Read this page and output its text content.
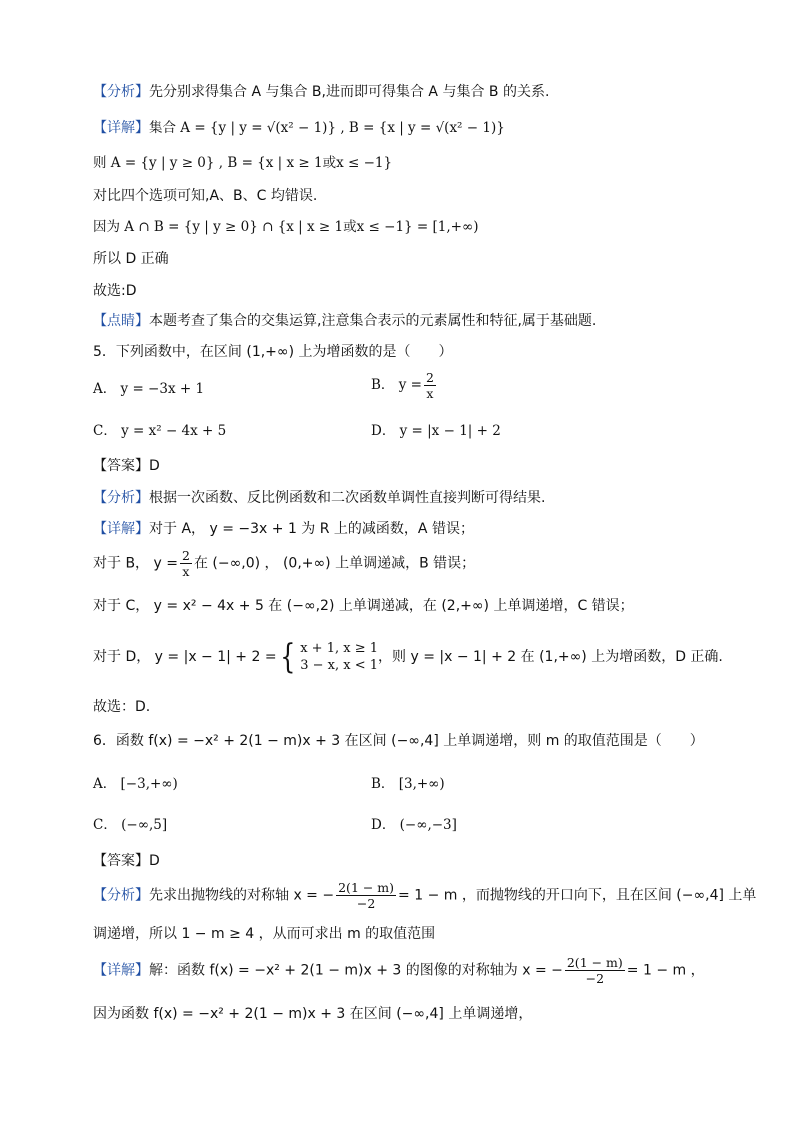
【分析】先分别求得集合 A 与集合 B,进而即可得集合 A 与集合 B 的关系.
【详解】集合 A = {y | y = √(x² − 1)} , B = {x | y = √(x² − 1)}
则 A = {y | y ≥ 0} , B = {x | x ≥ 1或x ≤ −1}
对比四个选项可知,A、B、C 均错误.
因为 A ∩ B = {y | y ≥ 0} ∩ {x | x ≥ 1或x ≤ −1} = [1,+∞)
所以 D 正确
故选:D
【点睛】本题考查了集合的交集运算,注意集合表示的元素属性和特征,属于基础题.
5．下列函数中，在区间 (1,+∞) 上为增函数的是（　　）
A． y = −3x + 1	B． $y = \frac{2}{x}$
C． y = x² − 4x + 5	D． y = |x − 1| + 2
【答案】D
【分析】根据一次函数、反比例函数和二次函数单调性直接判断可得结果.
【详解】对于 A， y = −3x + 1 为 R 上的减函数，A 错误；
对于 B， $y = \frac{2}{x}$ 在 (−∞,0) ， (0,+∞) 上单调递减，B 错误；
对于 C， y = x² − 4x + 5 在 (−∞,2) 上单调递减，在 (2,+∞) 上单调递增，C 错误；
对于 D， y = |x − 1| + 2 = { x + 1, x ≥ 1
3 − x, x < 1
，则 y = |x − 1| + 2 在 (1,+∞) 上为增函数，D 正确.
故选：D.
6．函数 f(x) = −x² + 2(1 − m)x + 3 在区间 (−∞,4] 上单调递增，则 m 的取值范围是（　　）
A． [−3,+∞)	B． [3,+∞)
C． (−∞,5]	D． (−∞,−3]
【答案】D
【分析】先求出抛物线的对称轴 x = − $\frac{2(1 - m)}{-2} = 1 - m$ ，而抛物线的开口向下，且在区间 (−∞,4] 上单
调递增，所以 1 − m ≥ 4 ，从而可求出 m 的取值范围
【详解】解：函数 f(x) = −x² + 2(1 − m)x + 3 的图像的对称轴为 x = − $\frac{2(1 - m)}{-2} = 1 - m$ ，
因为函数 f(x) = −x² + 2(1 − m)x + 3 在区间 (−∞,4] 上单调递增，
